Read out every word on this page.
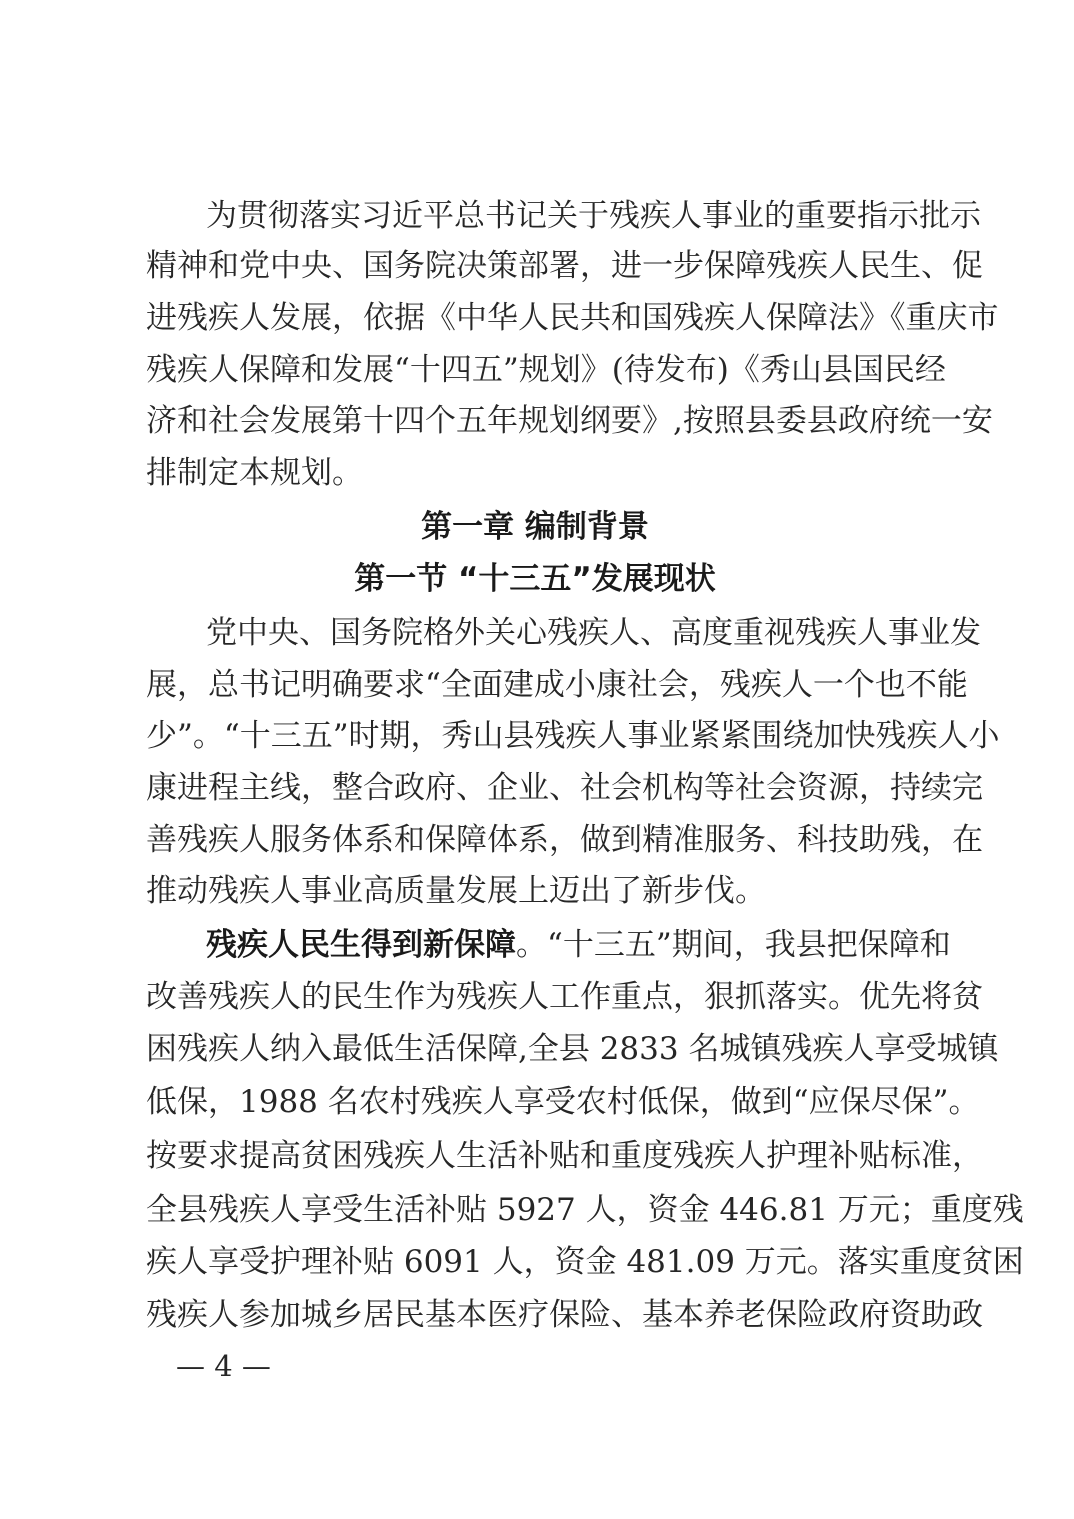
为贯彻落实习近平总书记关于残疾人事业的重要指示批示
精神和党中央、国务院决策部署，进一步保障残疾人民生、促
进残疾人发展，依据《中华人民共和国残疾人保障法》《重庆市
残疾人保障和发展“十四五”规划》(待发布)《秀山县国民经
济和社会发展第十四个五年规划纲要》,按照县委县政府统一安
排制定本规划。
第一章 编制背景
第一节 “十三五”发展现状
党中央、国务院格外关心残疾人、高度重视残疾人事业发
展，总书记明确要求“全面建成小康社会，残疾人一个也不能
少”。“十三五”时期，秀山县残疾人事业紧紧围绕加快残疾人小
康进程主线，整合政府、企业、社会机构等社会资源，持续完
善残疾人服务体系和保障体系，做到精准服务、科技助残，在
推动残疾人事业高质量发展上迈出了新步伐。
残疾人民生得到新保障。“十三五”期间，我县把保障和
改善残疾人的民生作为残疾人工作重点，狠抓落实。优先将贫
困残疾人纳入最低生活保障,全县 2833 名城镇残疾人享受城镇
低保，1988 名农村残疾人享受农村低保，做到“应保尽保”。
按要求提高贫困残疾人生活补贴和重度残疾人护理补贴标准，
全县残疾人享受生活补贴 5927 人，资金 446.81 万元；重度残
疾人享受护理补贴 6091 人，资金 481.09 万元。落实重度贫困
残疾人参加城乡居民基本医疗保险、基本养老保险政府资助政
— 4 —
